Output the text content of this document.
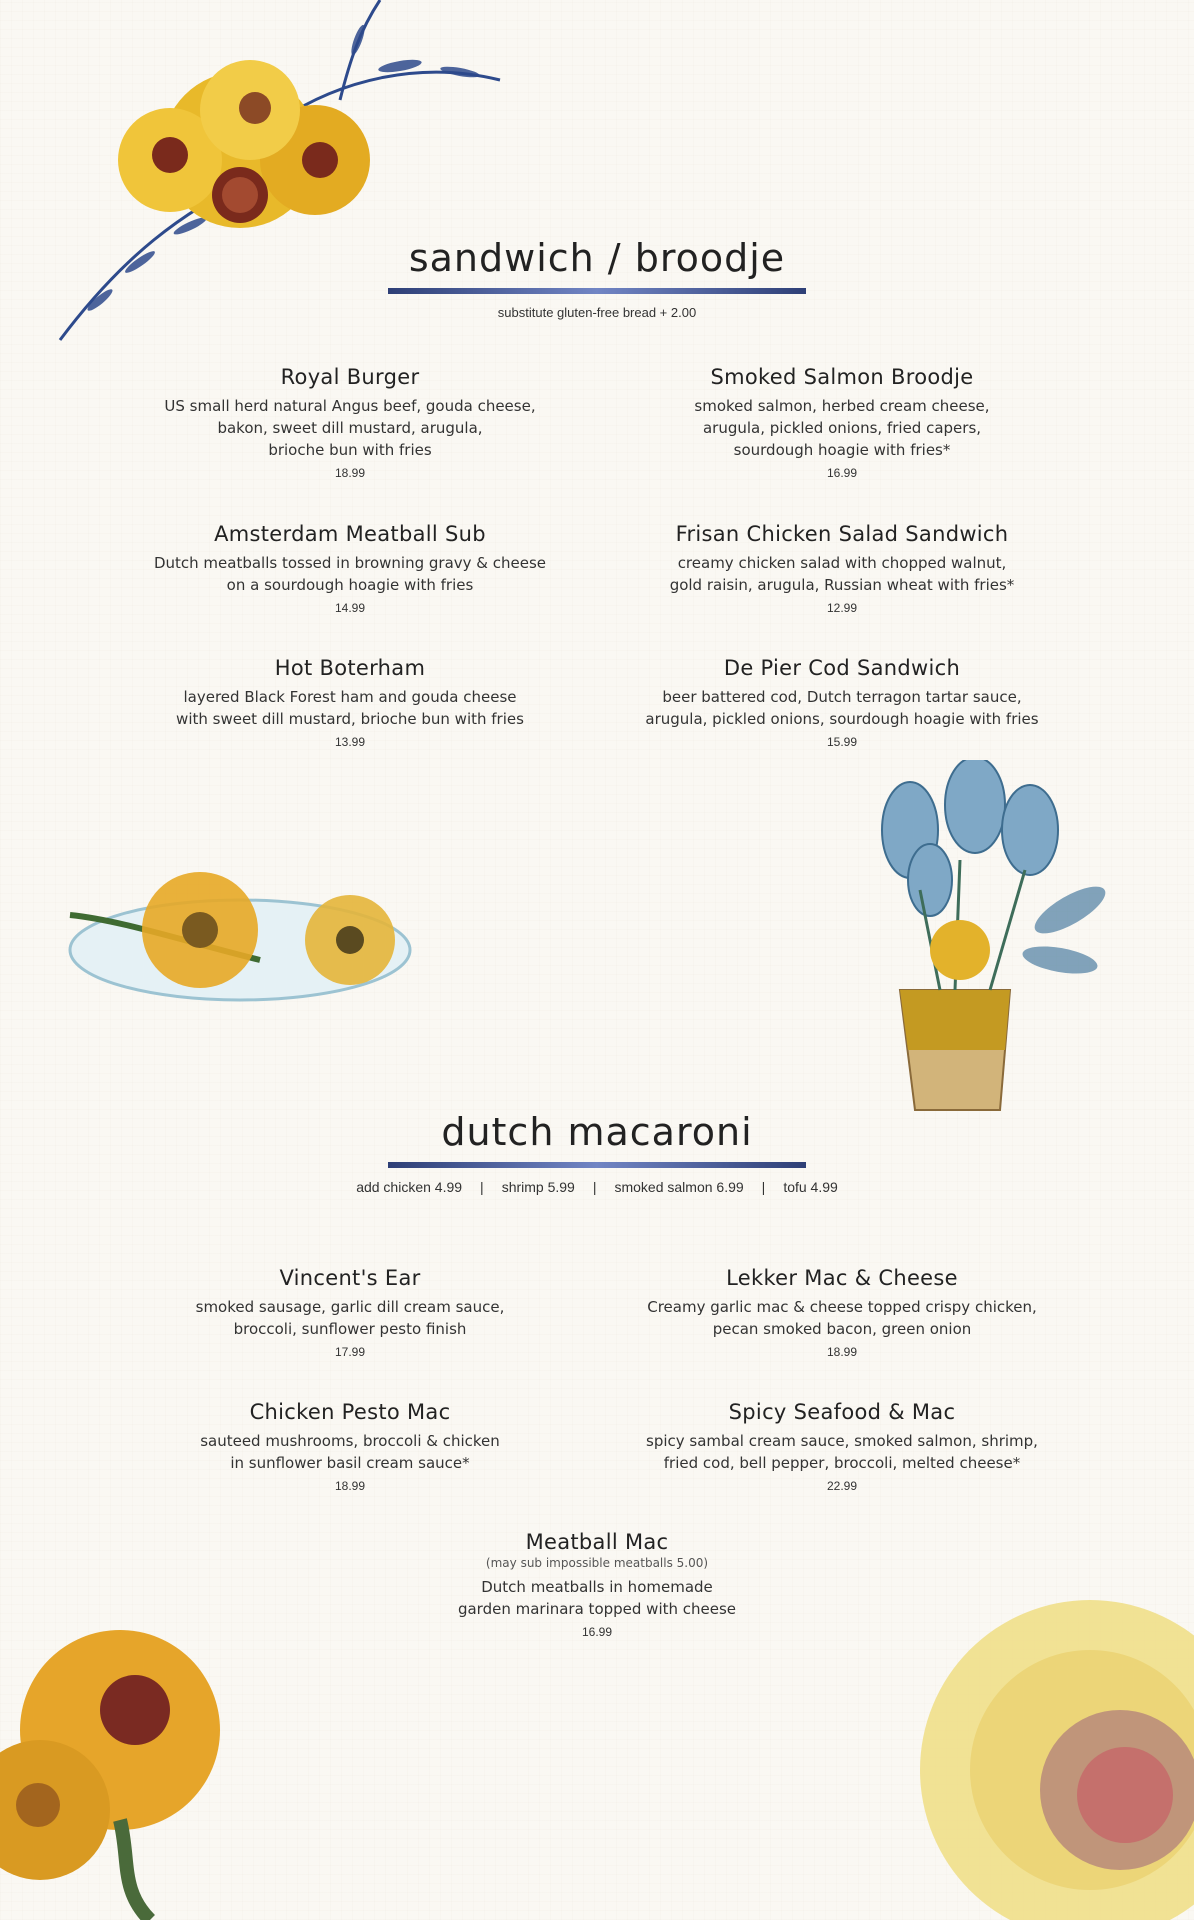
sandwich / broodje
substitute gluten-free bread + 2.00
Royal Burger
US small herd natural Angus beef, gouda cheese,
bakon, sweet dill mustard, arugula,
brioche bun with fries
18.99
Smoked Salmon Broodje
smoked salmon, herbed cream cheese,
arugula, pickled onions, fried capers,
sourdough hoagie with fries*
16.99
Amsterdam Meatball Sub
Dutch meatballs tossed in browning gravy & cheese
on a sourdough hoagie with fries
14.99
Frisan Chicken Salad Sandwich
creamy chicken salad with chopped walnut,
gold raisin, arugula, Russian wheat with fries*
12.99
Hot Boterham
layered Black Forest ham and gouda cheese
with sweet dill mustard, brioche bun with fries
13.99
De Pier Cod Sandwich
beer battered cod, Dutch terragon tartar sauce,
arugula, pickled onions, sourdough hoagie with fries
15.99
dutch macaroni
add chicken 4.99 | shrimp 5.99 | smoked salmon 6.99 | tofu 4.99
Vincent's Ear
smoked sausage, garlic dill cream sauce,
broccoli, sunflower pesto finish
17.99
Lekker Mac & Cheese
Creamy garlic mac & cheese topped crispy chicken,
pecan smoked bacon, green onion
18.99
Chicken Pesto Mac
sauteed mushrooms, broccoli & chicken
in sunflower basil cream sauce*
18.99
Spicy Seafood & Mac
spicy sambal cream sauce, smoked salmon, shrimp,
fried cod, bell pepper, broccoli, melted cheese*
22.99
Meatball Mac
(may sub impossible meatballs 5.00)
Dutch meatballs in homemade
garden marinara topped with cheese
16.99
